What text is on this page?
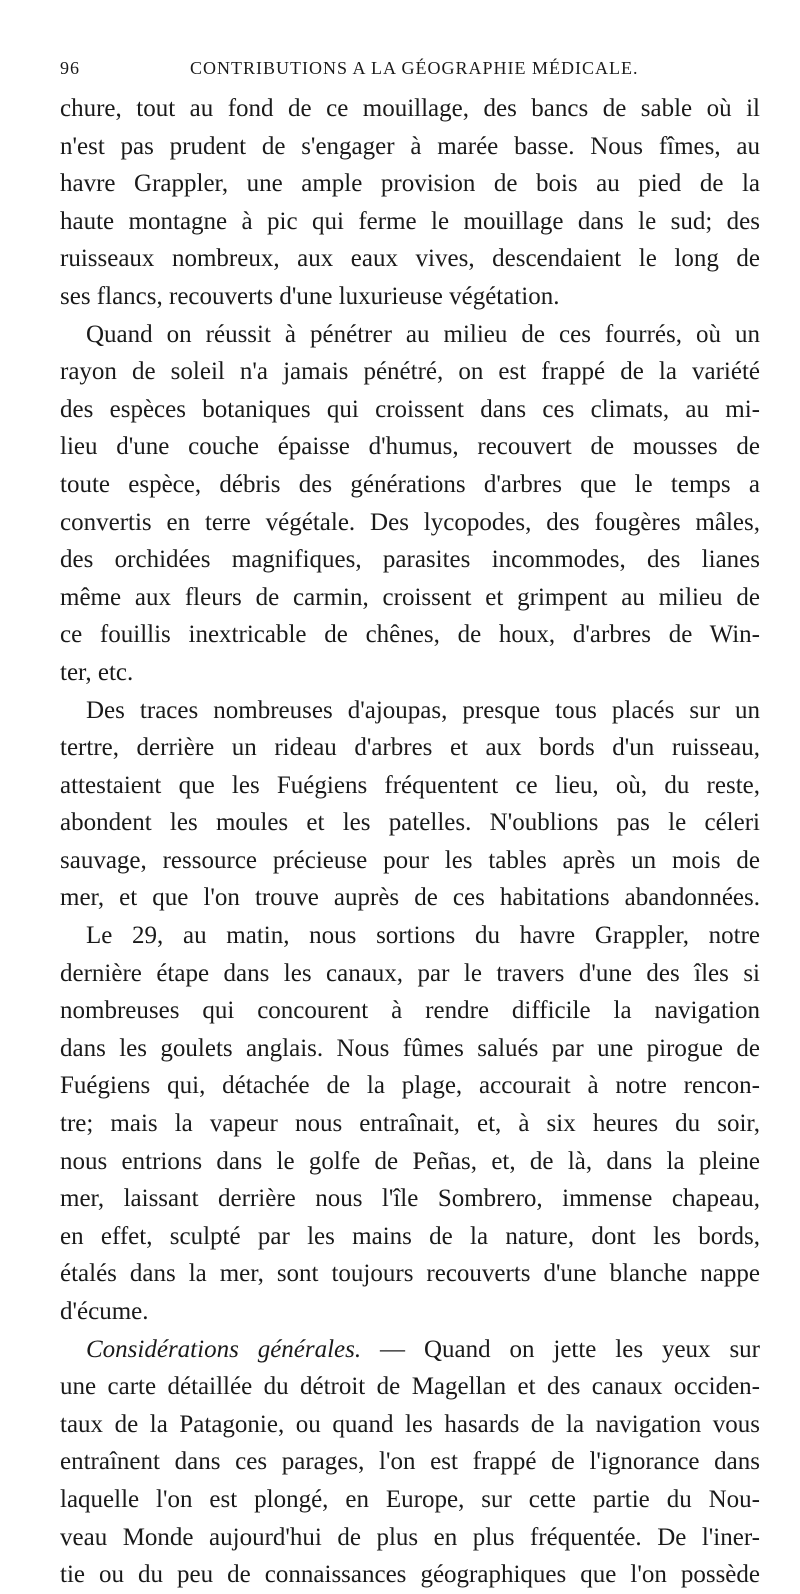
96	CONTRIBUTIONS A LA GÉOGRAPHIE MÉDICALE.
chure, tout au fond de ce mouillage, des bancs de sable où il
n'est pas prudent de s'engager à marée basse. Nous fîmes, au
havre Grappler, une ample provision de bois au pied de la
haute montagne à pic qui ferme le mouillage dans le sud; des
ruisseaux nombreux, aux eaux vives, descendaient le long de
ses flancs, recouverts d'une luxurieuse végétation.
Quand on réussit à pénétrer au milieu de ces fourrés, où un
rayon de soleil n'a jamais pénétré, on est frappé de la variété
des espèces botaniques qui croissent dans ces climats, au mi-
lieu d'une couche épaisse d'humus, recouvert de mousses de
toute espèce, débris des générations d'arbres que le temps a
convertis en terre végétale. Des lycopodes, des fougères mâles,
des orchidées magnifiques, parasites incommodes, des lianes
même aux fleurs de carmin, croissent et grimpent au milieu de
ce fouillis inextricable de chênes, de houx, d'arbres de Win-
ter, etc.
Des traces nombreuses d'ajoupas, presque tous placés sur un
tertre, derrière un rideau d'arbres et aux bords d'un ruisseau,
attestaient que les Fuégiens fréquentent ce lieu, où, du reste,
abondent les moules et les patelles. N'oublions pas le céleri
sauvage, ressource précieuse pour les tables après un mois de
mer, et que l'on trouve auprès de ces habitations abandonnées.
Le 29, au matin, nous sortions du havre Grappler, notre
dernière étape dans les canaux, par le travers d'une des îles si
nombreuses qui concourent à rendre difficile la navigation
dans les goulets anglais. Nous fûmes salués par une pirogue de
Fuégiens qui, détachée de la plage, accourait à notre rencon-
tre; mais la vapeur nous entraînait, et, à six heures du soir,
nous entrions dans le golfe de Peñas, et, de là, dans la pleine
mer, laissant derrière nous l'île Sombrero, immense chapeau,
en effet, sculpté par les mains de la nature, dont les bords,
étalés dans la mer, sont toujours recouverts d'une blanche nappe
d'écume.
Considérations générales. — Quand on jette les yeux sur
une carte détaillée du détroit de Magellan et des canaux occiden-
taux de la Patagonie, ou quand les hasards de la navigation vous
entraînent dans ces parages, l'on est frappé de l'ignorance dans
laquelle l'on est plongé, en Europe, sur cette partie du Nou-
veau Monde aujourd'hui de plus en plus fréquentée. De l'iner-
tie ou du peu de connaissances géographiques que l'on possède
